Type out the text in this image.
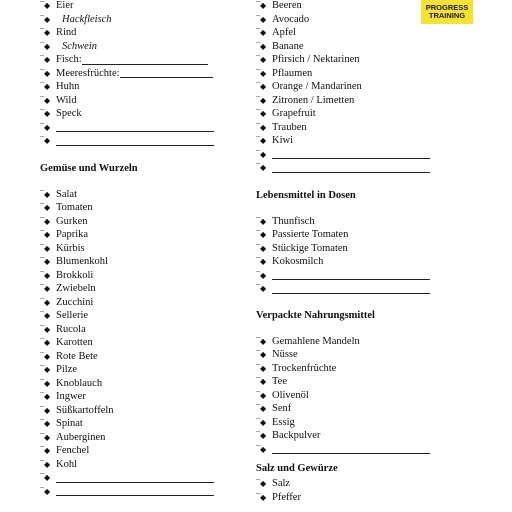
PROGRESS
TRAINING
¯◆ Eier
¯◆	Hackfleisch
¯◆ Rind
¯◆	Schwein
¯◆ Fisch:
¯◆ Meeresfrüchte:
¯◆ Huhn
¯◆ Wild
¯◆ Speck
¯◆
¯◆
Gemüse und Wurzeln
¯◆ Salat
¯◆ Tomaten
¯◆ Gurken
¯◆ Paprika
¯◆ Kürbis
¯◆ Blumenkohl
¯◆ Brokkoli
¯◆ Zwiebeln
¯◆ Zucchini
¯◆ Sellerie
¯◆ Rucola
¯◆ Karotten
¯◆ Rote Bete
¯◆ Pilze
¯◆ Knoblauch
¯◆ Ingwer
¯◆ Süßkartoffeln
¯◆ Spinat
¯◆ Auberginen
¯◆ Fenchel
¯◆ Kohl
¯◆
¯◆
¯◆ Beeren
¯◆ Avocado
¯◆ Apfel
¯◆ Banane
¯◆ Pfirsich / Nektarinen
¯◆ Pflaumen
¯◆ Orange / Mandarinen
¯◆ Zitronen / Limetten
¯◆ Grapefruit
¯◆ Trauben
¯◆ Kiwi
¯◆
¯◆
Lebensmittel in Dosen
¯◆ Thunfisch
¯◆ Passierte Tomaten
¯◆ Stückige Tomaten
¯◆ Kokosmilch
¯◆
¯◆
Verpackte Nahrungsmittel
¯◆ Gemahlene Mandeln
¯◆ Nüsse
¯◆ Trockenfrüchte
¯◆ Tee
¯◆ Olivenöl
¯◆ Senf
¯◆ Essig
¯◆ Backpulver
¯◆
Salz und Gewürze
¯◆ Salz
¯◆ Pfeffer
